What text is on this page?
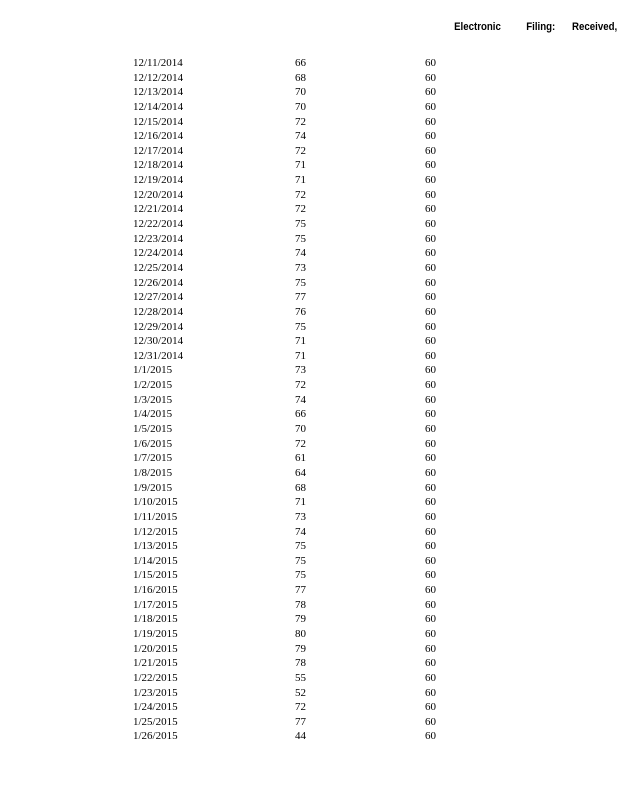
Electronic Filing: Received,
12/11/2014	66	60
12/12/2014	68	60
12/13/2014	70	60
12/14/2014	70	60
12/15/2014	72	60
12/16/2014	74	60
12/17/2014	72	60
12/18/2014	71	60
12/19/2014	71	60
12/20/2014	72	60
12/21/2014	72	60
12/22/2014	75	60
12/23/2014	75	60
12/24/2014	74	60
12/25/2014	73	60
12/26/2014	75	60
12/27/2014	77	60
12/28/2014	76	60
12/29/2014	75	60
12/30/2014	71	60
12/31/2014	71	60
1/1/2015	73	60
1/2/2015	72	60
1/3/2015	74	60
1/4/2015	66	60
1/5/2015	70	60
1/6/2015	72	60
1/7/2015	61	60
1/8/2015	64	60
1/9/2015	68	60
1/10/2015	71	60
1/11/2015	73	60
1/12/2015	74	60
1/13/2015	75	60
1/14/2015	75	60
1/15/2015	75	60
1/16/2015	77	60
1/17/2015	78	60
1/18/2015	79	60
1/19/2015	80	60
1/20/2015	79	60
1/21/2015	78	60
1/22/2015	55	60
1/23/2015	52	60
1/24/2015	72	60
1/25/2015	77	60
1/26/2015	44	60
